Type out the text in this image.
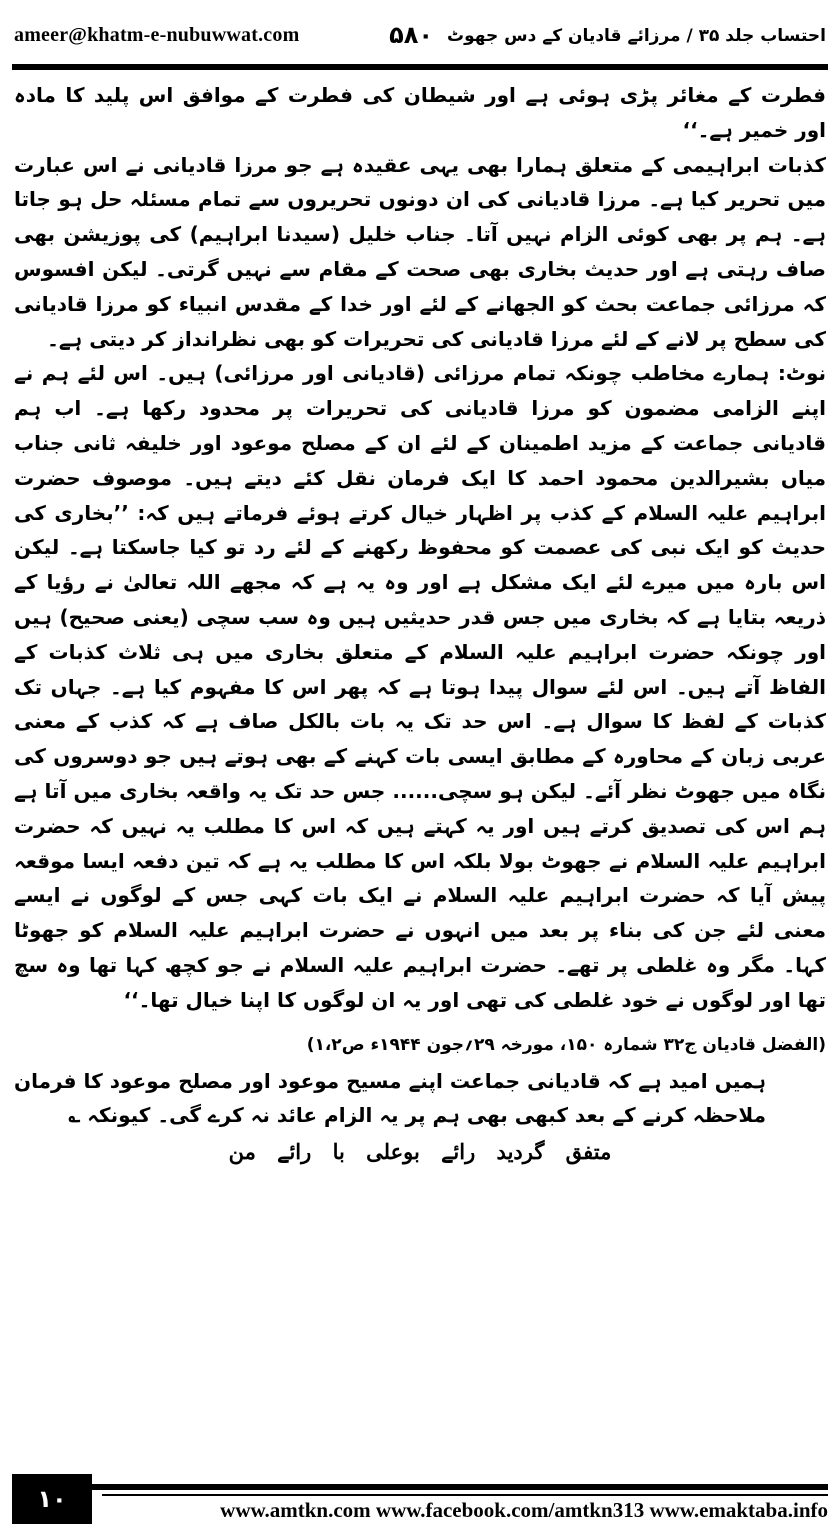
ameer@khatm-e-nubuwwat.com	احتساب جلد ۳۵ / مرزائے قادیان کے دس جھوٹ
۵۸۰

فطرت کے مغائر پڑی ہوئی ہے اور شیطان کی فطرت کے موافق اس پلید کا مادہ اور خمیر ہے۔‘‘

کذبات ابراہیمی کے متعلق ہمارا بھی یہی عقیدہ ہے جو مرزا قادیانی نے اس عبارت میں تحریر کیا ہے۔ مرزا قادیانی کی ان دونوں تحریروں سے تمام مسئلہ حل ہو جاتا ہے۔ ہم پر بھی کوئی الزام نہیں آتا۔ جناب خلیل (سیدنا ابراہیم) کی پوزیشن بھی صاف رہتی ہے اور حدیث بخاری بھی صحت کے مقام سے نہیں گرتی۔ لیکن افسوس کہ مرزائی جماعت بحث کو الجھانے کے لئے اور خدا کے مقدس انبیاء کو مرزا قادیانی کی سطح پر لانے کے لئے مرزا قادیانی کی تحریرات کو بھی نظرانداز کر دیتی ہے۔

نوٹ: ہمارے مخاطب چونکہ تمام مرزائی (قادیانی اور مرزائی) ہیں۔ اس لئے ہم نے اپنے الزامی مضمون کو مرزا قادیانی کی تحریرات پر محدود رکھا ہے۔ اب ہم قادیانی جماعت کے مزید اطمینان کے لئے ان کے مصلح موعود اور خلیفہ ثانی جناب میاں بشیرالدین محمود احمد کا ایک فرمان نقل کئے دیتے ہیں۔ موصوف حضرت ابراہیم علیہ السلام کے کذب پر اظہار خیال کرتے ہوئے فرماتے ہیں کہ: ’’بخاری کی حدیث کو ایک نبی کی عصمت کو محفوظ رکھنے کے لئے رد تو کیا جاسکتا ہے۔ لیکن اس بارہ میں میرے لئے ایک مشکل ہے اور وہ یہ ہے کہ مجھے اللہ تعالیٰ نے رؤیا کے ذریعہ بتایا ہے کہ بخاری میں جس قدر حدیثیں ہیں وہ سب سچی (یعنی صحیح) ہیں اور چونکہ حضرت ابراہیم علیہ السلام کے متعلق بخاری میں ہی ثلاث کذبات کے الفاظ آتے ہیں۔ اس لئے سوال پیدا ہوتا ہے کہ پھر اس کا مفہوم کیا ہے۔ جہاں تک کذبات کے لفظ کا سوال ہے۔ اس حد تک یہ بات بالکل صاف ہے کہ کذب کے معنی عربی زبان کے محاورہ کے مطابق ایسی بات کہنے کے بھی ہوتے ہیں جو دوسروں کی نگاہ میں جھوٹ نظر آئے۔ لیکن ہو سچی...... جس حد تک یہ واقعہ بخاری میں آتا ہے ہم اس کی تصدیق کرتے ہیں اور یہ کہتے ہیں کہ اس کا مطلب یہ نہیں کہ حضرت ابراہیم علیہ السلام نے جھوٹ بولا بلکہ اس کا مطلب یہ ہے کہ تین دفعہ ایسا موقعہ پیش آیا کہ حضرت ابراہیم علیہ السلام نے ایک بات کہی جس کے لوگوں نے ایسے معنی لئے جن کی بناء پر بعد میں انہوں نے حضرت ابراہیم علیہ السلام کو جھوٹا کہا۔ مگر وہ غلطی پر تھے۔ حضرت ابراہیم علیہ السلام نے جو کچھ کہا تھا وہ سچ تھا اور لوگوں نے خود غلطی کی تھی اور یہ ان لوگوں کا اپنا خیال تھا۔‘‘

(الفضل قادیان ج۳۲ شمارہ ۱۵۰، مورخہ ۲۹؍جون ۱۹۴۴ء ص۱،۲)

ہمیں امید ہے کہ قادیانی جماعت اپنے مسیح موعود اور مصلح موعود کا فرمان ملاحظہ کرنے کے بعد کبھی بھی ہم پر یہ الزام عائد نہ کرے گی۔ کیونکہ ؎

متفق گردید رائے بوعلی با رائے من

۱۰	www.amtkn.com www.facebook.com/amtkn313 www.emaktaba.info
